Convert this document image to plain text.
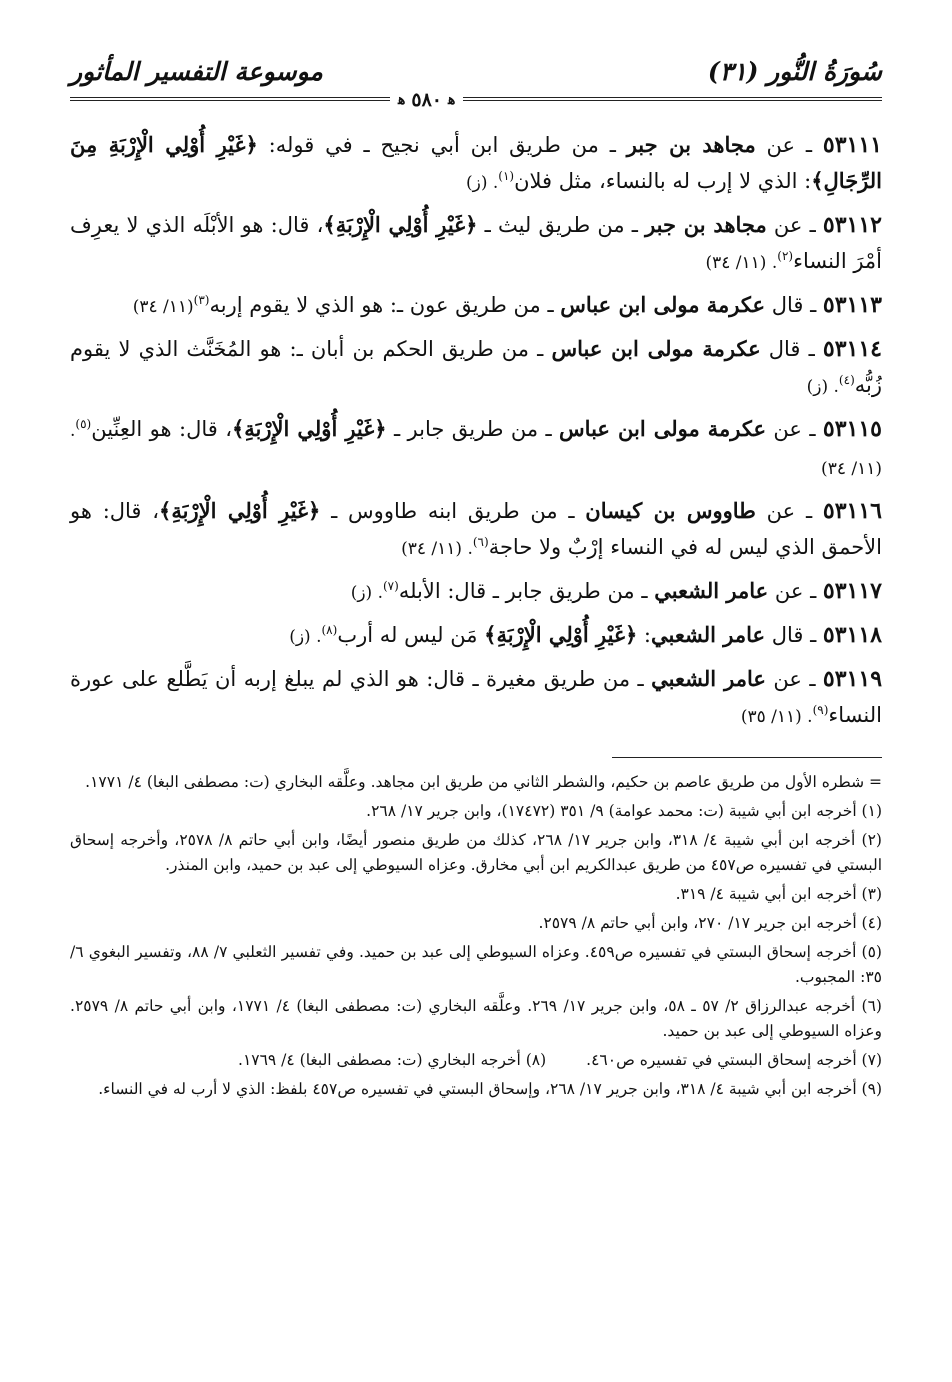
سُورَةُ النُّور (٣١)
موسوعة التفسير المأثور
ﮬ
٥٨٠
ﮬ
٥٣١١١ ـ عن مجاهد بن جبر ـ من طريق ابن أبي نجيح ـ في قوله: ﴿غَيْرِ أُوْلِي الْإِرْبَةِ مِنَ الرِّجَالِ﴾: الذي لا إرب له بالنساء، مثل فلان$^{(١)}$. (ز)
٥٣١١٢ ـ عن مجاهد بن جبر ـ من طريق ليث ـ ﴿غَيْرِ أُوْلِي الْإِرْبَةِ﴾، قال: هو الأبْلَه الذي لا يعرِف أمْرَ النساء$^{(٢)}$. (١١/ ٣٤)
٥٣١١٣ ـ قال عكرمة مولى ابن عباس ـ من طريق عون ـ: هو الذي لا يقوم إربه$^{(٣)}$(١١/ ٣٤)
٥٣١١٤ ـ قال عكرمة مولى ابن عباس ـ من طريق الحكم بن أبان ـ: هو المُخَنَّث الذي لا يقوم زُبُّه$^{(٤)}$. (ز)
٥٣١١٥ ـ عن عكرمة مولى ابن عباس ـ من طريق جابر ـ ﴿غَيْرِ أُوْلِي الْإِرْبَةِ﴾، قال: هو العِنِّين$^{(٥)}$. (١١/ ٣٤)
٥٣١١٦ ـ عن طاووس بن كيسان ـ من طريق ابنه طاووس ـ ﴿غَيْرِ أُوْلِي الْإِرْبَةِ﴾، قال: هو الأحمق الذي ليس له في النساء إرْبٌ ولا حاجة$^{(٦)}$. (١١/ ٣٤)
٥٣١١٧ ـ عن عامر الشعبي ـ من طريق جابر ـ قال: الأبله$^{(٧)}$. (ز)
٥٣١١٨ ـ قال عامر الشعبي: ﴿غَيْرِ أُوْلِي الْإِرْبَةِ﴾ مَن ليس له أرب$^{(٨)}$. (ز)
٥٣١١٩ ـ عن عامر الشعبي ـ من طريق مغيرة ـ قال: هو الذي لم يبلغ إربه أن يَطَّلع على عورة النساء$^{(٩)}$. (١١/ ٣٥)
= شطره الأول من طريق عاصم بن حكيم، والشطر الثاني من طريق ابن مجاهد. وعلَّقه البخاري (ت: مصطفى البغا) ٤/ ١٧٧١.
(١) أخرجه ابن أبي شيبة (ت: محمد عوامة) ٩/ ٣٥١ (١٧٤٧٢)، وابن جرير ١٧/ ٢٦٨.
(٢) أخرجه ابن أبي شيبة ٤/ ٣١٨، وابن جرير ١٧/ ٢٦٨، كذلك من طريق منصور أيضًا، وابن أبي حاتم ٨/ ٢٥٧٨، وأخرجه إسحاق البستي في تفسيره ص٤٥٧ من طريق عبدالكريم ابن أبي مخارق. وعزاه السيوطي إلى عبد بن حميد، وابن المنذر.
(٣) أخرجه ابن أبي شيبة ٤/ ٣١٩.
(٤) أخرجه ابن جرير ١٧/ ٢٧٠، وابن أبي حاتم ٨/ ٢٥٧٩.
(٥) أخرجه إسحاق البستي في تفسيره ص٤٥٩. وعزاه السيوطي إلى عبد بن حميد. وفي تفسير الثعلبي ٧/ ٨٨، وتفسير البغوي ٦/ ٣٥: المجبوب.
(٦) أخرجه عبدالرزاق ٢/ ٥٧ ـ ٥٨، وابن جرير ١٧/ ٢٦٩. وعلَّقه البخاري (ت: مصطفى البغا) ٤/ ١٧٧١، وابن أبي حاتم ٨/ ٢٥٧٩. وعزاه السيوطي إلى عبد بن حميد.
(٧) أخرجه إسحاق البستي في تفسيره ص٤٦٠.
(٨) أخرجه البخاري (ت: مصطفى البغا) ٤/ ١٧٦٩.
(٩) أخرجه ابن أبي شيبة ٤/ ٣١٨، وابن جرير ١٧/ ٢٦٨، وإسحاق البستي في تفسيره ص٤٥٧ بلفظ: الذي لا أرب له في النساء.
